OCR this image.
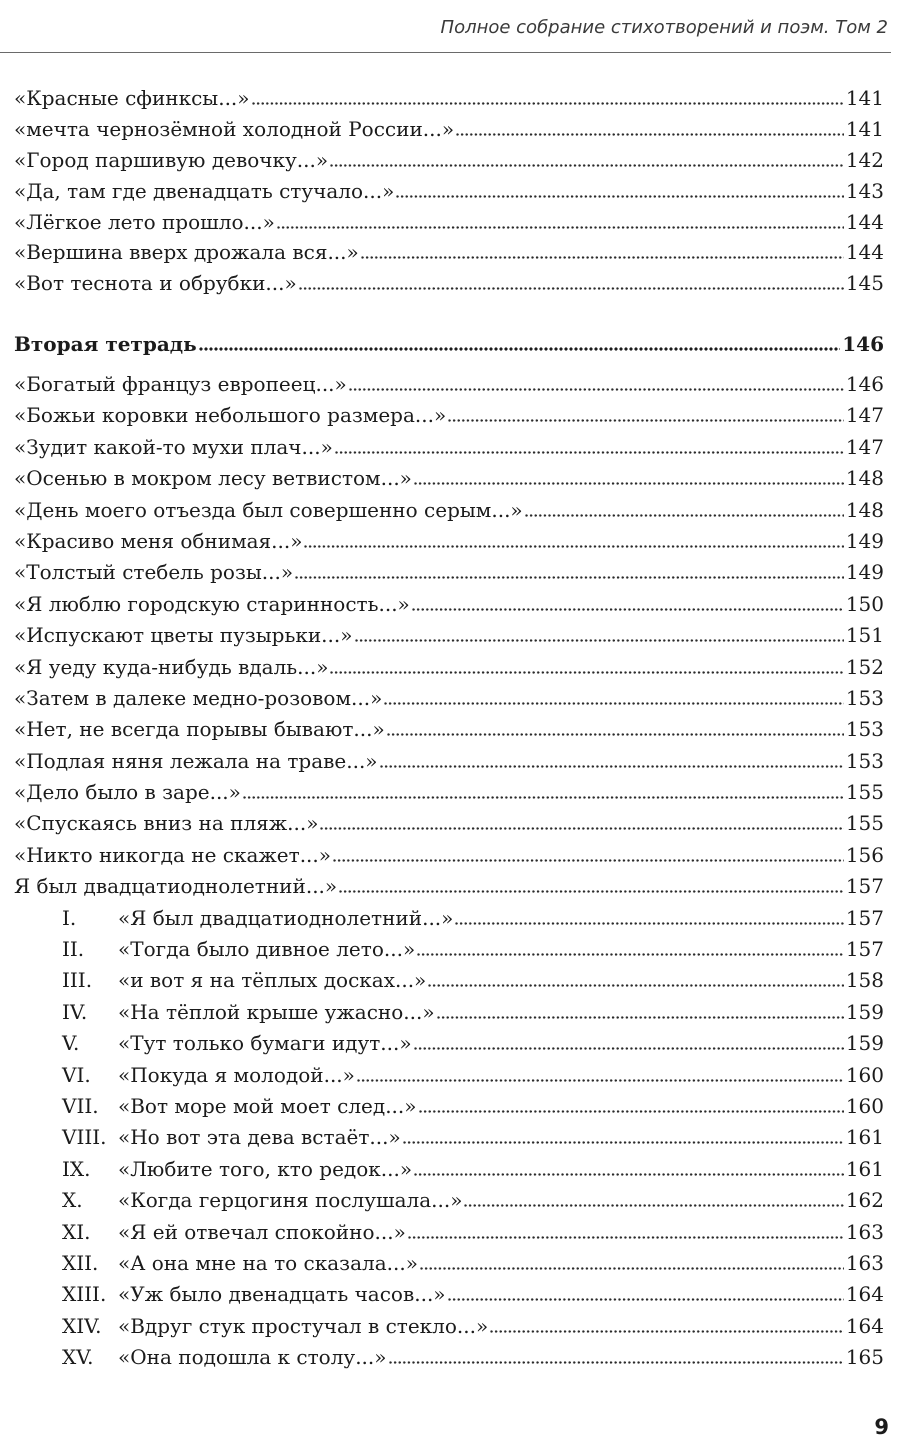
Полное собрание стихотворений и поэм. Том 2
«Красные сфинксы...»	141
«мечта чернозёмной холодной России...»	141
«Город паршивую девочку...»	142
«Да, там где двенадцать стучало...»	143
«Лёгкое лето прошло...»	144
«Вершина вверх дрожала вся...»	144
«Вот теснота и обрубки...»	145
Вторая тетрадь	146
«Богатый француз европеец...»	146
«Божьи коровки небольшого размера...»	147
«Зудит какой-то мухи плач...»	147
«Осенью в мокром лесу ветвистом...»	148
«День моего отъезда был совершенно серым...»	148
«Красиво меня обнимая...»	149
«Толстый стебель розы...»	149
«Я люблю городскую старинность...»	150
«Испускают цветы пузырьки...»	151
«Я уеду куда-нибудь вдаль...»	152
«Затем в далеке медно-розовом...»	153
«Нет, не всегда порывы бывают...»	153
«Подлая няня лежала на траве...»	153
«Дело было в заре...»	155
«Спускаясь вниз на пляж...»	155
«Никто никогда не скажет...»	156
Я был двадцатиоднолетний...»	157
I.	«Я был двадцатиоднолетний...»	157
II.	«Тогда было дивное лето...»	157
III.	«и вот я на тёплых досках...»	158
IV.	«На тёплой крыше ужасно...»	159
V.	«Тут только бумаги идут...»	159
VI.	«Покуда я молодой...»	160
VII. «Вот море мой моет след...»	160
VIII. «Но вот эта дева встаёт...»	161
IX.	«Любите того, кто редок...»	161
X.	«Когда герцогиня послушала...»	162
XI.	«Я ей отвечал спокойно...»	163
XII. «А она мне на то сказала...»	163
XIII. «Уж было двенадцать часов...»	164
XIV. «Вдруг стук простучал в стекло...»	164
XV.	«Она подошла к столу...»	165
9
